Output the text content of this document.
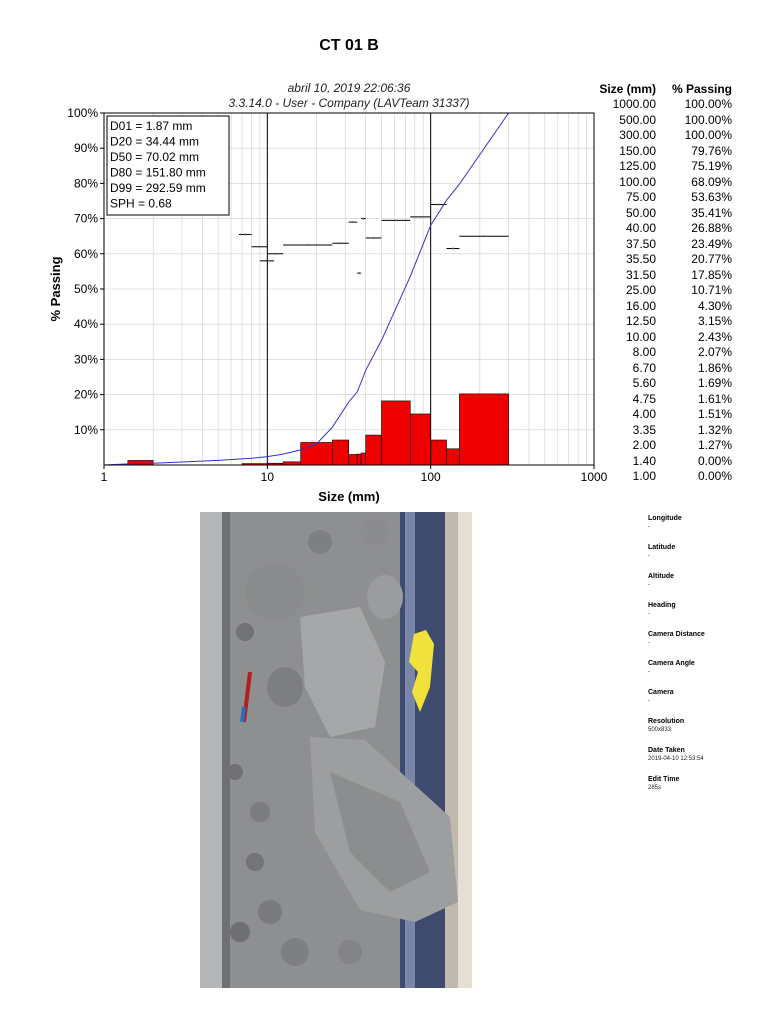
CT 01 B
abril 10, 2019 22:06:36
3.3.14.0 - User - Company (LAVTeam 31337)
10%
20%
30%
40%
50%
60%
70%
80%
90%
100%
1	10	100	1000
% Passing
Size (mm)
D01 = 1.87 mm
D20 = 34.44 mm
D50 = 70.02 mm
D80 = 151.80 mm
D99 = 292.59 mm
SPH = 0.68
Size (mm)	% Passing
1000.00	100.00%
500.00	100.00%
300.00	100.00%
150.00	79.76%
125.00	75.19%
100.00	68.09%
75.00	53.63%
50.00	35.41%
40.00	26.88%
37.50	23.49%
35.50	20.77%
31.50	17.85%
25.00	10.71%
16.00	4.30%
12.50	3.15%
10.00	2.43%
8.00	2.07%
6.70	1.86%
5.60	1.69%
4.75	1.61%
4.00	1.51%
3.35	1.32%
2.00	1.27%
1.40	0.00%
1.00	0.00%
Longitude
-
Latitude
-
Altitude
-
Heading
-
Camera Distance
-
Camera Angle
-
Camera
-
Resolution
500x833
Date Taken
2019-04-10 12:53:54
Edit Time
285s
